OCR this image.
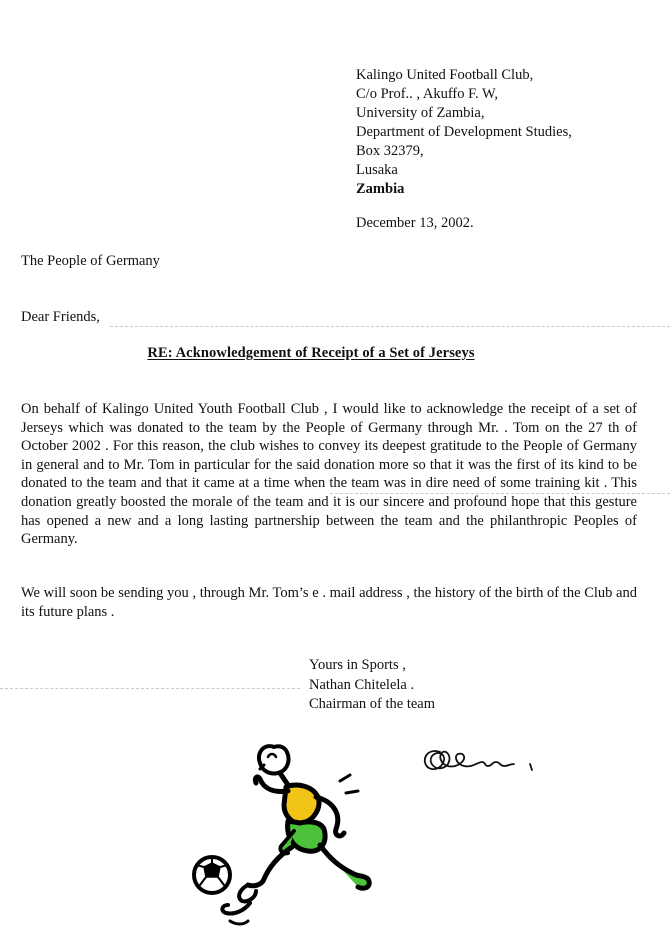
Kalingo United Football Club,
C/o Prof.. , Akuffo F. W,
University of Zambia,
Department of Development Studies,
Box 32379,
Lusaka
Zambia
December 13, 2002.
The People of Germany
Dear Friends,
RE: Acknowledgement of Receipt of a Set of Jerseys
On behalf of Kalingo United Youth Football Club , I would like to acknowledge the receipt of a set of Jerseys which was donated to the team by the People of Germany through Mr. . Tom on the 27 th of October 2002 . For this reason, the club wishes to convey its deepest gratitude to the People of Germany in general and to Mr. Tom in particular for the said donation more so that it was the first of its kind to be donated to the team and that it came at a time when the team was in dire need of some training kit . This donation greatly boosted the morale of the team and it is our sincere and profound hope that this gesture has opened a new and a long lasting partnership between the team and the philanthropic Peoples of Germany.
We will soon be sending you , through Mr. Tom’s e . mail address , the history of the birth of the Club and its future plans .
Yours in Sports ,
Nathan Chitelela .
Chairman of the team
